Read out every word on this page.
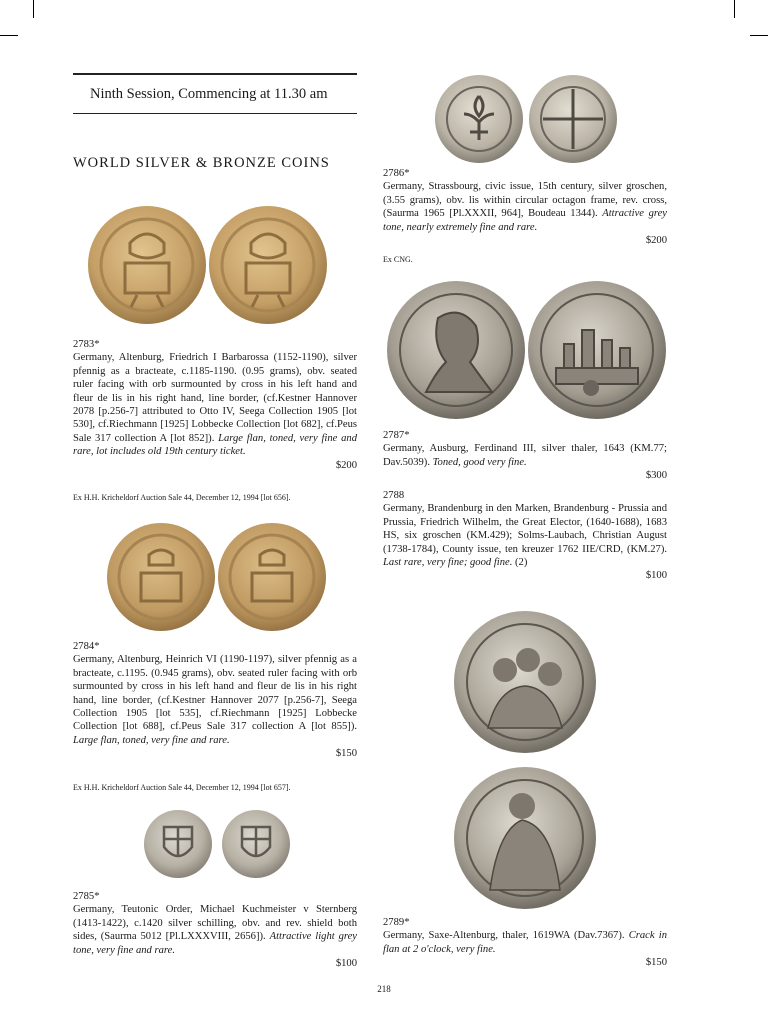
Ninth Session, Commencing at 11.30 am
WORLD SILVER & BRONZE COINS
2783*
Germany, Altenburg, Friedrich I Barbarossa (1152-1190), silver pfennig as a bracteate, c.1185-1190. (0.95 grams), obv. seated ruler facing with orb surmounted by cross in his left hand and fleur de lis in his right hand, line border, (cf.Kestner Hannover 2078 [p.256-7] attributed to Otto IV, Seega Collection 1905 [lot 530], cf.Riechmann [1925] Lobbecke Collection [lot 682], cf.Peus Sale 317 collection A [lot 852]). Large flan, toned, very fine and rare, lot includes old 19th century ticket.
$200
Ex H.H. Kricheldorf Auction Sale 44, December 12, 1994 [lot 656].
2784*
Germany, Altenburg, Heinrich VI (1190-1197), silver pfennig as a bracteate, c.1195. (0.945 grams), obv. seated ruler facing with orb surmounted by cross in his left hand and fleur de lis in his right hand, line border, (cf.Kestner Hannover 2077 [p.256-7], Seega Collection 1905 [lot 535], cf.Riechmann [1925] Lobbecke Collection [lot 688], cf.Peus Sale 317 collection A [lot 855]). Large flan, toned, very fine and rare.
$150
Ex H.H. Kricheldorf Auction Sale 44, December 12, 1994 [lot 657].
2785*
Germany, Teutonic Order, Michael Kuchmeister v Sternberg (1413-1422), c.1420 silver schilling, obv. and rev. shield both sides, (Saurma 5012 [Pl.LXXXVIII, 2656]). Attractive light grey tone, very fine and rare.
$100
2786*
Germany, Strassbourg, civic issue, 15th century, silver groschen, (3.55 grams), obv. lis within circular octagon frame, rev. cross, (Saurma 1965 [Pl.XXXII, 964], Boudeau 1344). Attractive grey tone, nearly extremely fine and rare.
$200
Ex CNG.
2787*
Germany, Ausburg, Ferdinand III, silver thaler, 1643 (KM.77; Dav.5039). Toned, good very fine.
$300
2788
Germany, Brandenburg in den Marken, Brandenburg - Prussia and Prussia, Friedrich Wilhelm, the Great Elector, (1640-1688), 1683 HS, six groschen (KM.429); Solms-Laubach, Christian August (1738-1784), County issue, ten kreuzer 1762 IIE/CRD, (KM.27). Last rare, very fine; good fine. (2)
$100
2789*
Germany, Saxe-Altenburg, thaler, 1619WA (Dav.7367). Crack in flan at 2 o'clock, very fine.
$150
218
